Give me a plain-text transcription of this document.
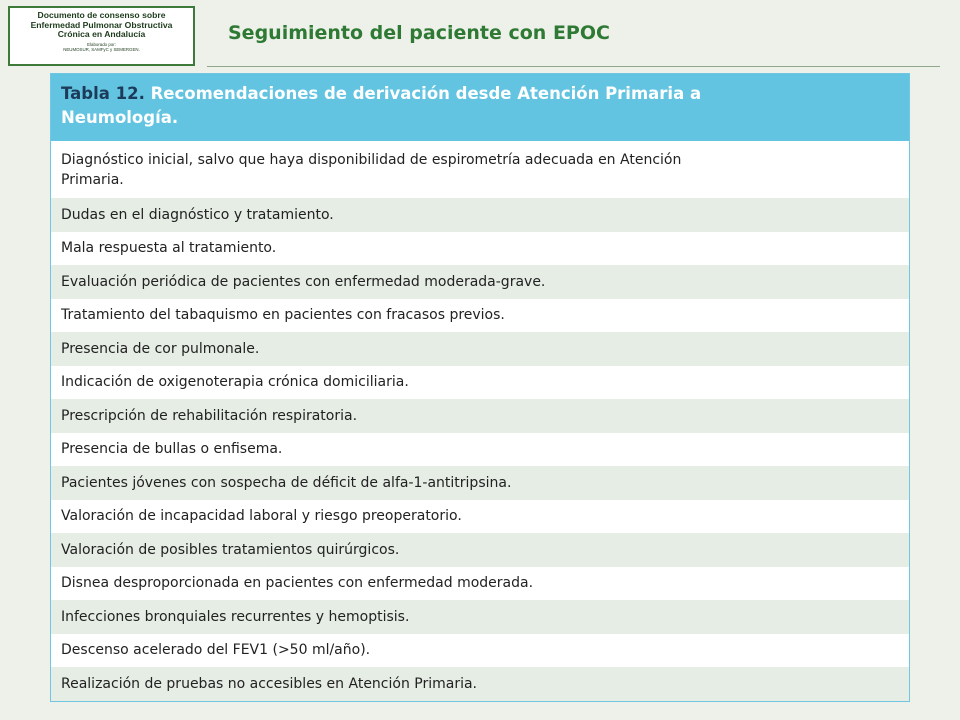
Documento de consenso sobre
Enfermedad Pulmonar Obstructiva
Crónica en Andalucía
Elaborado por:
NEUMOSUR, SAMFyC y SEMERGEN.
Seguimiento del paciente con EPOC
Tabla 12. Recomendaciones de derivación desde Atención Primaria a Neumología.
Diagnóstico inicial, salvo que haya disponibilidad de espirometría adecuada en Atención Primaria.
Dudas en el diagnóstico y tratamiento.
Mala respuesta al tratamiento.
Evaluación periódica de pacientes con enfermedad moderada-grave.
Tratamiento del tabaquismo en pacientes con fracasos previos.
Presencia de cor pulmonale.
Indicación de oxigenoterapia crónica domiciliaria.
Prescripción de rehabilitación respiratoria.
Presencia de bullas o enfisema.
Pacientes jóvenes con sospecha de déficit de alfa-1-antitripsina.
Valoración de incapacidad laboral y riesgo preoperatorio.
Valoración de posibles tratamientos quirúrgicos.
Disnea desproporcionada en pacientes con enfermedad moderada.
Infecciones bronquiales recurrentes y hemoptisis.
Descenso acelerado del FEV1 (>50 ml/año).
Realización de pruebas no accesibles en Atención Primaria.
